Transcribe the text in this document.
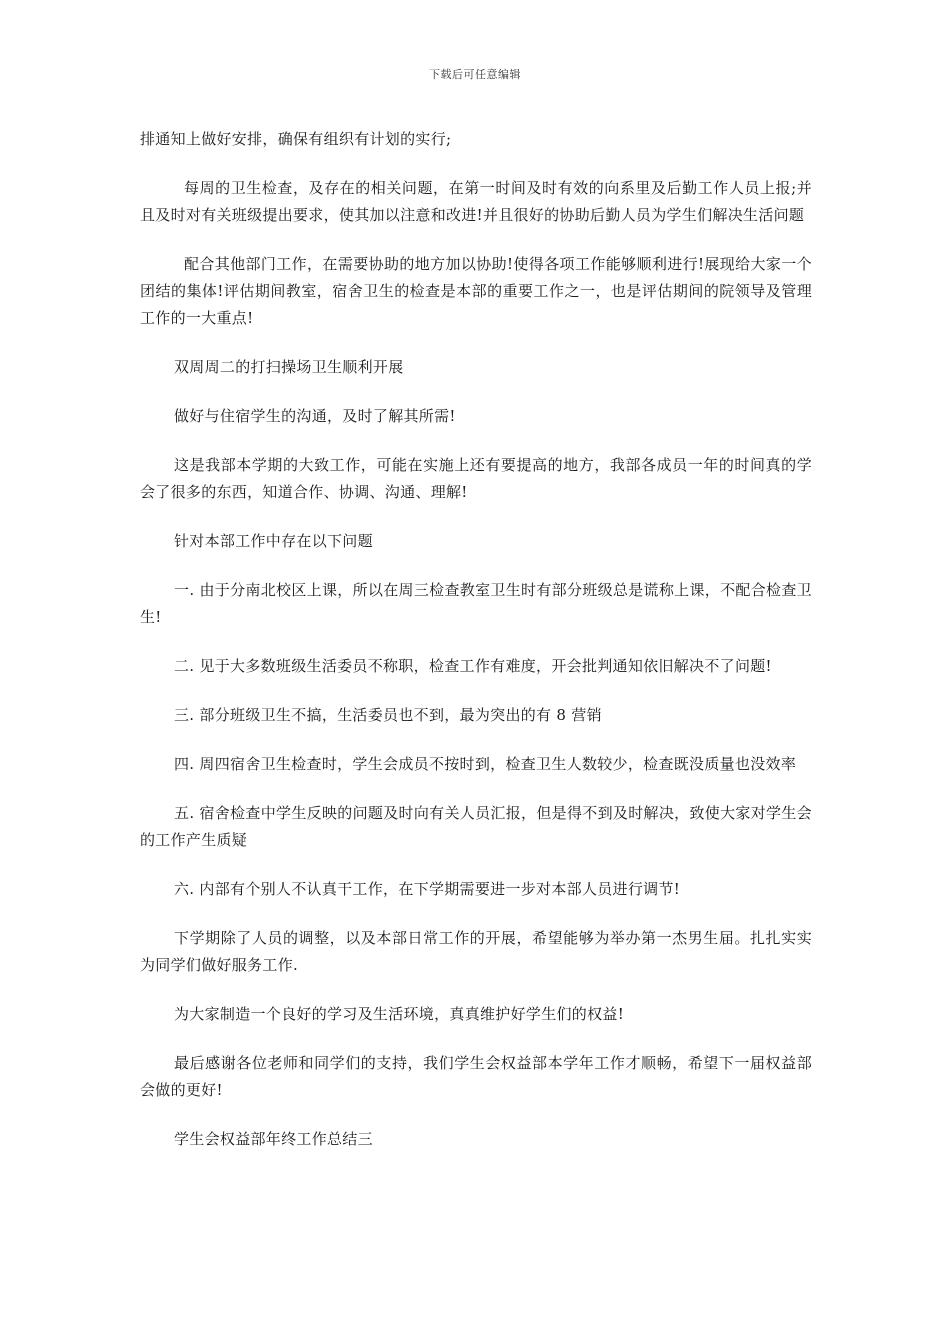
下载后可任意编辑

排通知上做好安排，确保有组织有计划的实行;

每周的卫生检查，及存在的相关问题，在第一时间及时有效的向系里及后勤工作人员上报;并且及时对有关班级提出要求，使其加以注意和改进!并且很好的协助后勤人员为学生们解决生活问题

配合其他部门工作，在需要协助的地方加以协助!使得各项工作能够顺利进行!展现给大家一个团结的集体!评估期间教室，宿舍卫生的检查是本部的重要工作之一，也是评估期间的院领导及管理工作的一大重点!

双周周二的打扫操场卫生顺利开展

做好与住宿学生的沟通，及时了解其所需!

这是我部本学期的大致工作，可能在实施上还有要提高的地方，我部各成员一年的时间真的学会了很多的东西，知道合作、协调、沟通、理解!

针对本部工作中存在以下问题

一. 由于分南北校区上课，所以在周三检查教室卫生时有部分班级总是谎称上课，不配合检查卫生!

二. 见于大多数班级生活委员不称职，检查工作有难度，开会批判通知依旧解决不了问题!

三. 部分班级卫生不搞，生活委员也不到，最为突出的有 8 营销

四. 周四宿舍卫生检查时，学生会成员不按时到，检查卫生人数较少，检查既没质量也没效率

五. 宿舍检查中学生反映的问题及时向有关人员汇报，但是得不到及时解决，致使大家对学生会的工作产生质疑

六. 内部有个别人不认真干工作，在下学期需要进一步对本部人员进行调节!

下学期除了人员的调整，以及本部日常工作的开展，希望能够为举办第一杰男生届。扎扎实实为同学们做好服务工作.

为大家制造一个良好的学习及生活环境，真真维护好学生们的权益!

最后感谢各位老师和同学们的支持，我们学生会权益部本学年工作才顺畅，希望下一届权益部会做的更好!

学生会权益部年终工作总结三
